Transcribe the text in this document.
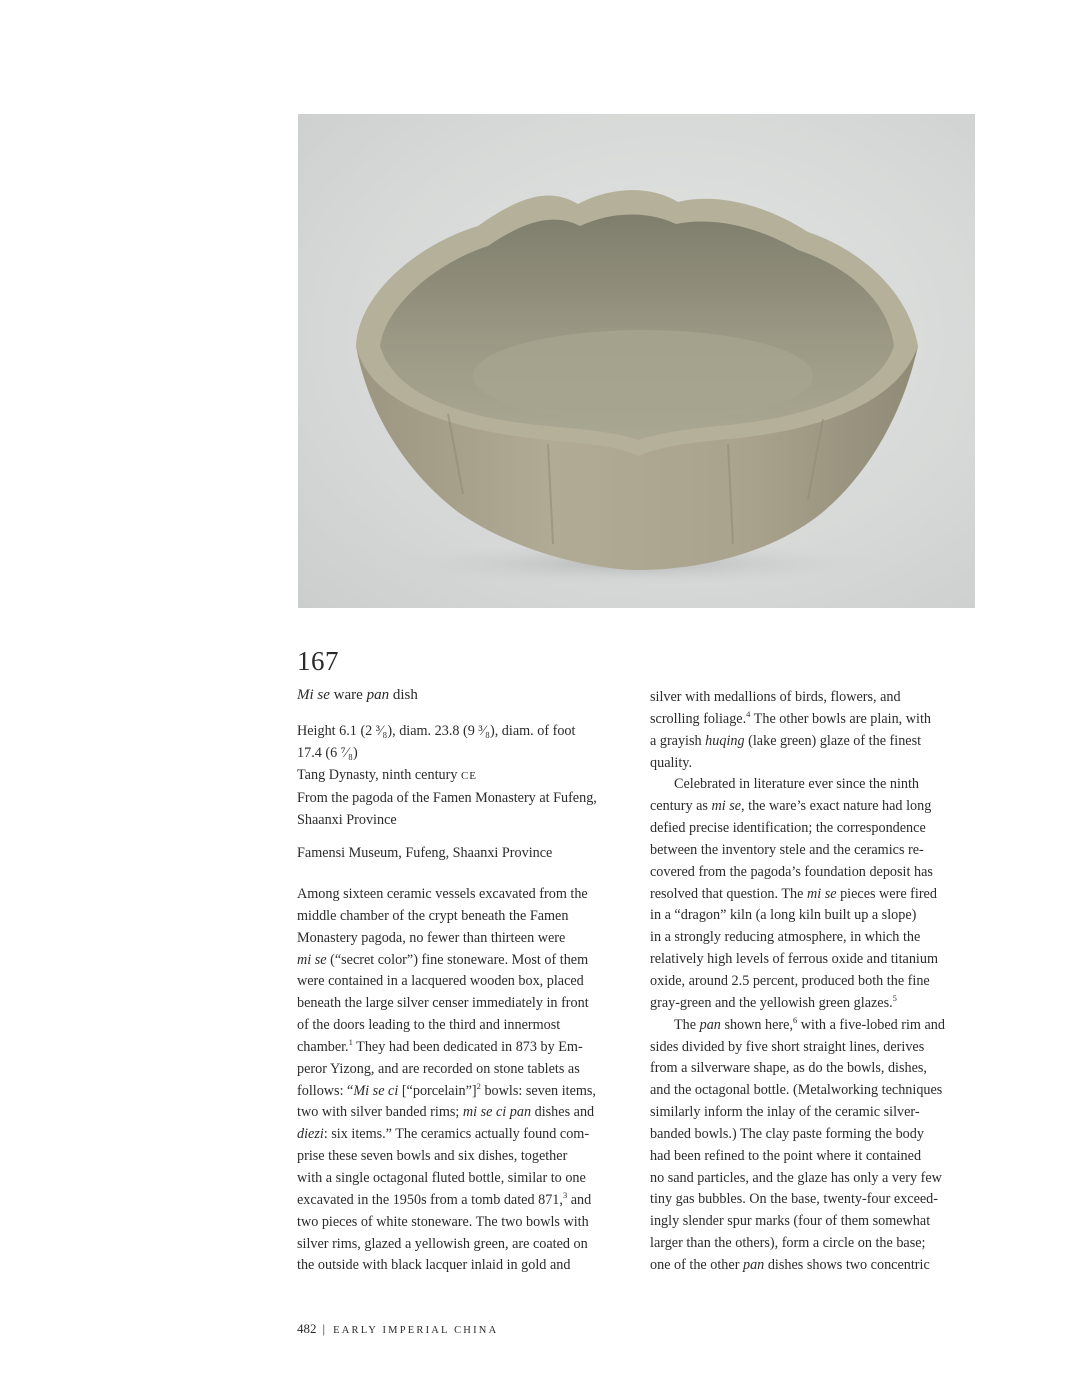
167
Mi se ware pan dish

Height 6.1 (2 ³⁄₈), diam. 23.8 (9 ³⁄₈), diam. of foot

17.4 (6 ⁷⁄₈)

Tang Dynasty, ninth century CE

From the pagoda of the Famen Monastery at Fufeng,

Shaanxi Province

Famensi Museum, Fufeng, Shaanxi Province

Among sixteen ceramic vessels excavated from the
middle chamber of the crypt beneath the Famen
Monastery pagoda, no fewer than thirteen were
mi se (“secret color”) fine stoneware. Most of them
were contained in a lacquered wooden box, placed
beneath the large silver censer immediately in front
of the doors leading to the third and innermost
chamber.$^1$ They had been dedicated in 873 by Em-
peror Yizong, and are recorded on stone tablets as
follows: “Mi se ci [“porcelain”]$^2$ bowls: seven items,
two with silver banded rims; mi se ci pan dishes and
diezi: six items.” The ceramics actually found com-
prise these seven bowls and six dishes, together
with a single octagonal fluted bottle, similar to one
excavated in the 1950s from a tomb dated 871,$^3$ and
two pieces of white stoneware. The two bowls with
silver rims, glazed a yellowish green, are coated on
the outside with black lacquer inlaid in gold and
silver with medallions of birds, flowers, and
scrolling foliage.$^4$ The other bowls are plain, with
a grayish huqing (lake green) glaze of the finest
quality.
Celebrated in literature ever since the ninth
century as mi se, the ware’s exact nature had long
defied precise identification; the correspondence
between the inventory stele and the ceramics re-
covered from the pagoda’s foundation deposit has
resolved that question. The mi se pieces were fired
in a “dragon” kiln (a long kiln built up a slope)
in a strongly reducing atmosphere, in which the
relatively high levels of ferrous oxide and titanium
oxide, around 2.5 percent, produced both the fine
gray-green and the yellowish green glazes.$^5$
The pan shown here,$^6$ with a five-lobed rim and
sides divided by five short straight lines, derives
from a silverware shape, as do the bowls, dishes,
and the octagonal bottle. (Metalworking techniques
similarly inform the inlay of the ceramic silver-
banded bowls.) The clay paste forming the body
had been refined to the point where it contained
no sand particles, and the glaze has only a very few
tiny gas bubbles. On the base, twenty-four exceed-
ingly slender spur marks (four of them somewhat
larger than the others), form a circle on the base;
one of the other pan dishes shows two concentric
482 | EARLY IMPERIAL CHINA
